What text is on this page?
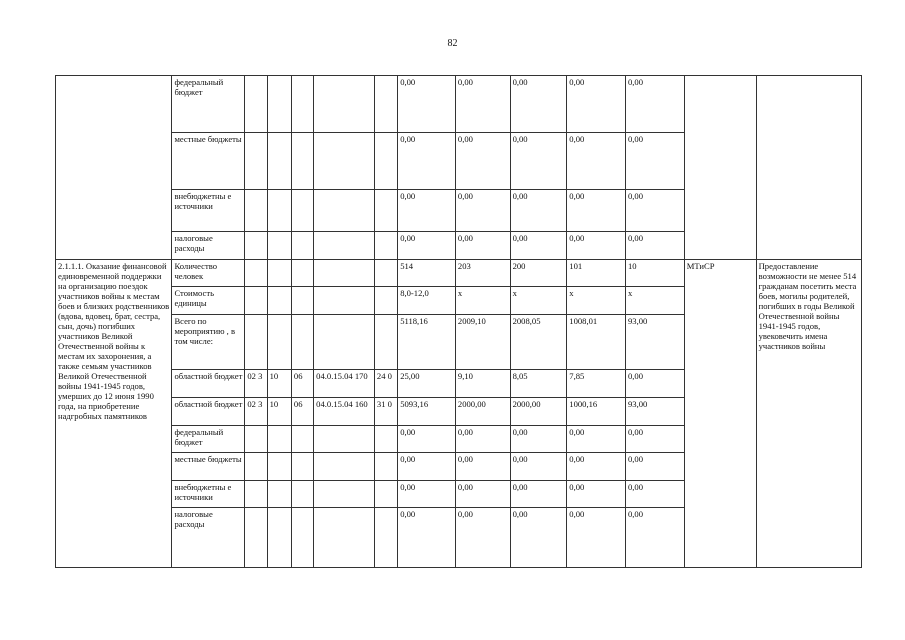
82
	федеральный бюджет						0,00	0,00	0,00	0,00	0,00		
	местные бюджеты						0,00	0,00	0,00	0,00	0,00		
	внебюджетны е источники						0,00	0,00	0,00	0,00	0,00		
	налоговые расходы						0,00	0,00	0,00	0,00	0,00		
2.1.1.1. Оказание финансовой единовременной поддержки на организацию поездок участников войны к местам боев и близких родственников (вдова, вдовец, брат, сестра, сын, дочь) погибших участников Великой Отечественной войны к местам их захоронения, а также семьям участников Великой Отечественной войны 1941-1945 годов, умерших до 12 июня 1990 года, на приобретение надгробных памятников	Количество человек						514	203	200	101	10	МТиСР	Предоставление возможности не менее 514 гражданам посетить места боев, могилы родителей, погибших в годы Великой Отечественной войны 1941-1945 годов, увековечить имена участников войны
	Стоимость единицы						8,0-12,0	х	х	х	х		
	Всего по мероприятию , в том числе:						5118,16	2009,10	2008,05	1008,01	93,00		
	областной бюджет	02 3	10	06	04.0.15.04 170	24 0	25,00	9,10	8,05	7,85	0,00		
	областной бюджет	02 3	10	06	04.0.15.04 160	31 0	5093,16	2000,00	2000,00	1000,16	93,00		
	федеральный бюджет						0,00	0,00	0,00	0,00	0,00		
	местные бюджеты						0,00	0,00	0,00	0,00	0,00		
	внебюджетны е источники						0,00	0,00	0,00	0,00	0,00		
	налоговые расходы						0,00	0,00	0,00	0,00	0,00		
